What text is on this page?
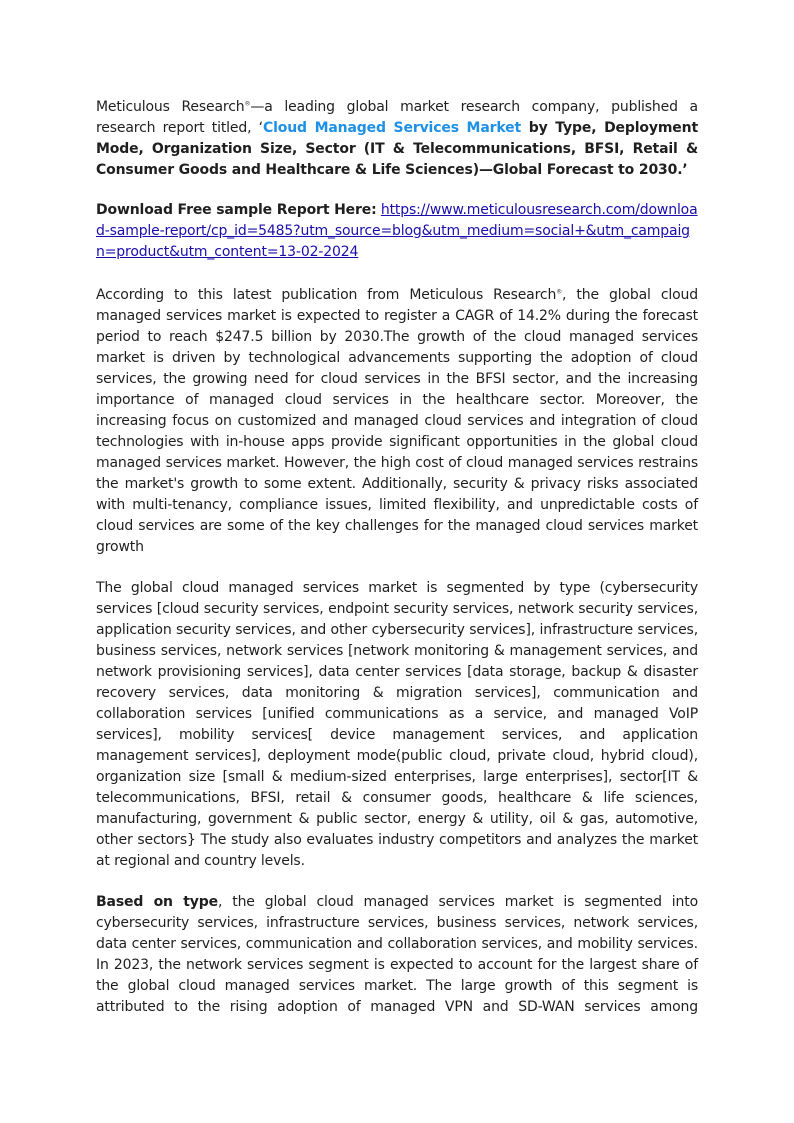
Meticulous Research®—a leading global market research company, published a research report titled, ‘Cloud Managed Services Market by Type, Deployment Mode, Organization Size, Sector (IT & Telecommunications, BFSI, Retail & Consumer Goods and Healthcare & Life Sciences)—Global Forecast to 2030.’

Download Free sample Report Here: https://www.meticulousresearch.com/download-sample-report/cp_id=5485?utm_source=blog&utm_medium=social+&utm_campaign=product&utm_content=13-02-2024

According to this latest publication from Meticulous Research®, the global cloud managed services market is expected to register a CAGR of 14.2% during the forecast period to reach $247.5 billion by 2030.The growth of the cloud managed services market is driven by technological advancements supporting the adoption of cloud services, the growing need for cloud services in the BFSI sector, and the increasing importance of managed cloud services in the healthcare sector. Moreover, the increasing focus on customized and managed cloud services and integration of cloud technologies with in-house apps provide significant opportunities in the global cloud managed services market. However, the high cost of cloud managed services restrains the market's growth to some extent. Additionally, security & privacy risks associated with multi-tenancy, compliance issues, limited flexibility, and unpredictable costs of cloud services are some of the key challenges for the managed cloud services market growth

The global cloud managed services market is segmented by type (cybersecurity services [cloud security services, endpoint security services, network security services, application security services, and other cybersecurity services], infrastructure services, business services, network services [network monitoring & management services, and network provisioning services], data center services [data storage, backup & disaster recovery services, data monitoring & migration services], communication and collaboration services [unified communications as a service, and managed VoIP services], mobility services[ device management services, and application management services], deployment mode(public cloud, private cloud, hybrid cloud), organization size [small & medium-sized enterprises, large enterprises], sector[IT & telecommunications, BFSI, retail & consumer goods, healthcare & life sciences, manufacturing, government & public sector, energy & utility, oil & gas, automotive, other sectors} The study also evaluates industry competitors and analyzes the market at regional and country levels.

Based on type, the global cloud managed services market is segmented into cybersecurity services, infrastructure services, business services, network services, data center services, communication and collaboration services, and mobility services. In 2023, the network services segment is expected to account for the largest share of the global cloud managed services market. The large growth of this segment is attributed to the rising adoption of managed VPN and SD-WAN services among
